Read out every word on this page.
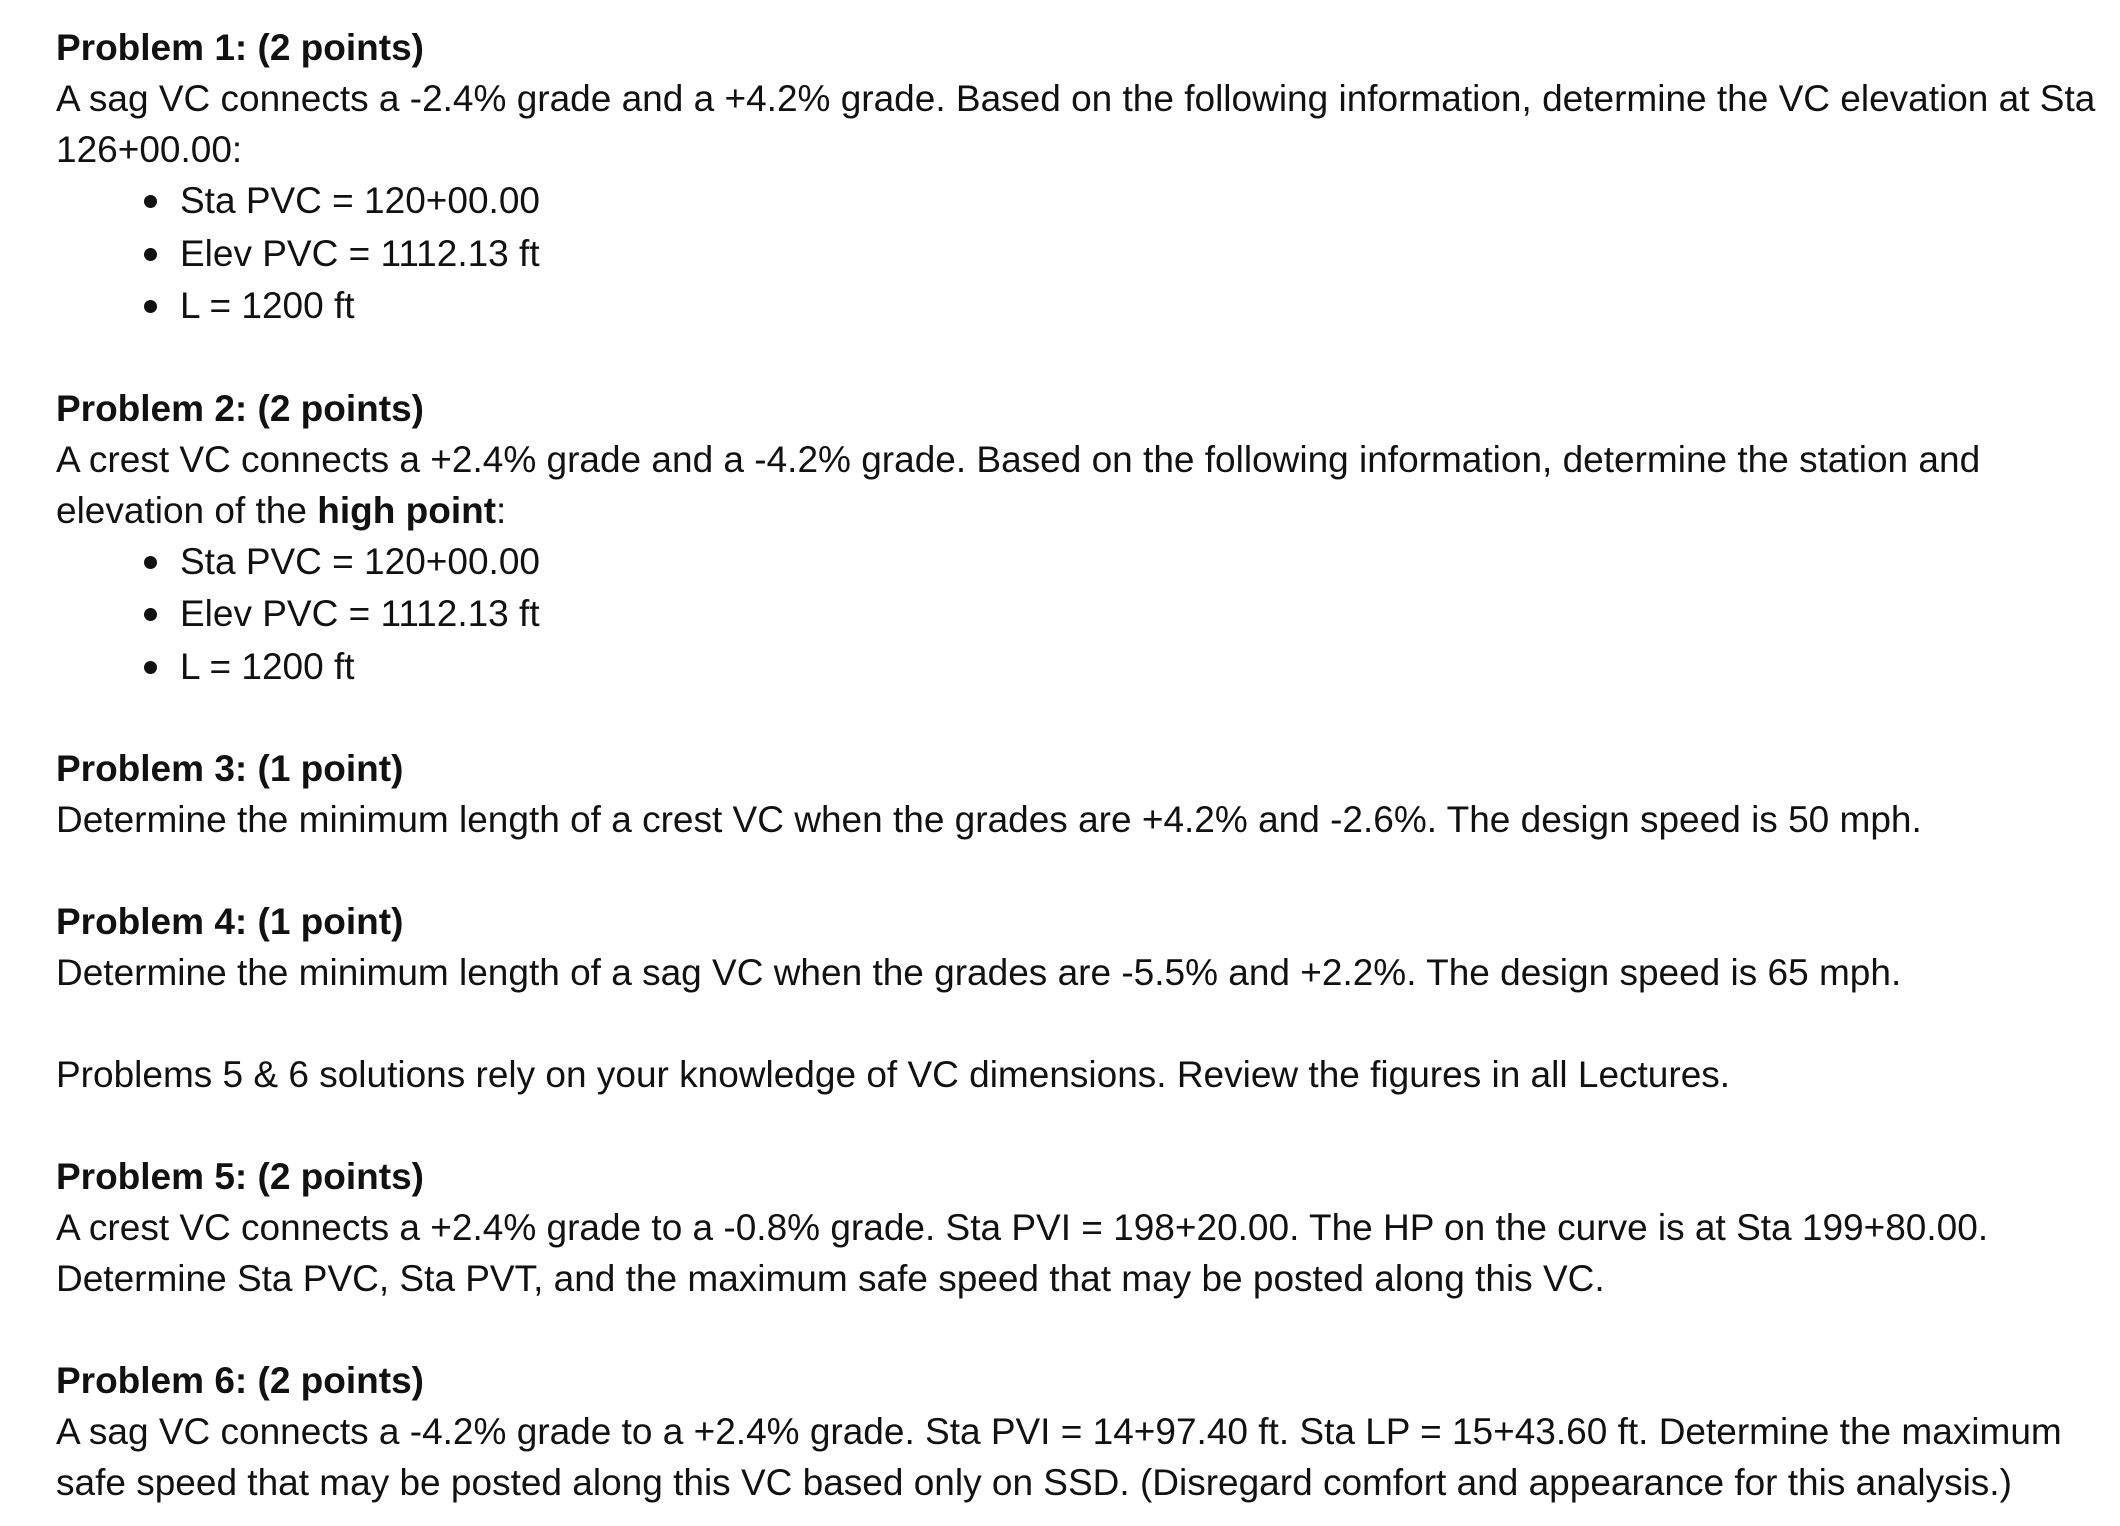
Problem 1: (2 points)

A sag VC connects a -2.4% grade and a +4.2% grade. Based on the following information, determine the VC elevation at Sta 126+00.00:

Sta PVC = 120+00.00
Elev PVC = 1112.13 ft
L = 1200 ft

Problem 2: (2 points)

A crest VC connects a +2.4% grade and a -4.2% grade. Based on the following information, determine the station and elevation of the high point:

Sta PVC = 120+00.00
Elev PVC = 1112.13 ft
L = 1200 ft

Problem 3: (1 point)

Determine the minimum length of a crest VC when the grades are +4.2% and -2.6%. The design speed is 50 mph.

Problem 4: (1 point)

Determine the minimum length of a sag VC when the grades are -5.5% and +2.2%. The design speed is 65 mph.

Problems 5 & 6 solutions rely on your knowledge of VC dimensions. Review the figures in all Lectures.

Problem 5: (2 points)

A crest VC connects a +2.4% grade to a -0.8% grade. Sta PVI = 198+20.00. The HP on the curve is at Sta 199+80.00. Determine Sta PVC, Sta PVT, and the maximum safe speed that may be posted along this VC.

Problem 6: (2 points)

A sag VC connects a -4.2% grade to a +2.4% grade. Sta PVI = 14+97.40 ft. Sta LP = 15+43.60 ft. Determine the maximum safe speed that may be posted along this VC based only on SSD. (Disregard comfort and appearance for this analysis.)
